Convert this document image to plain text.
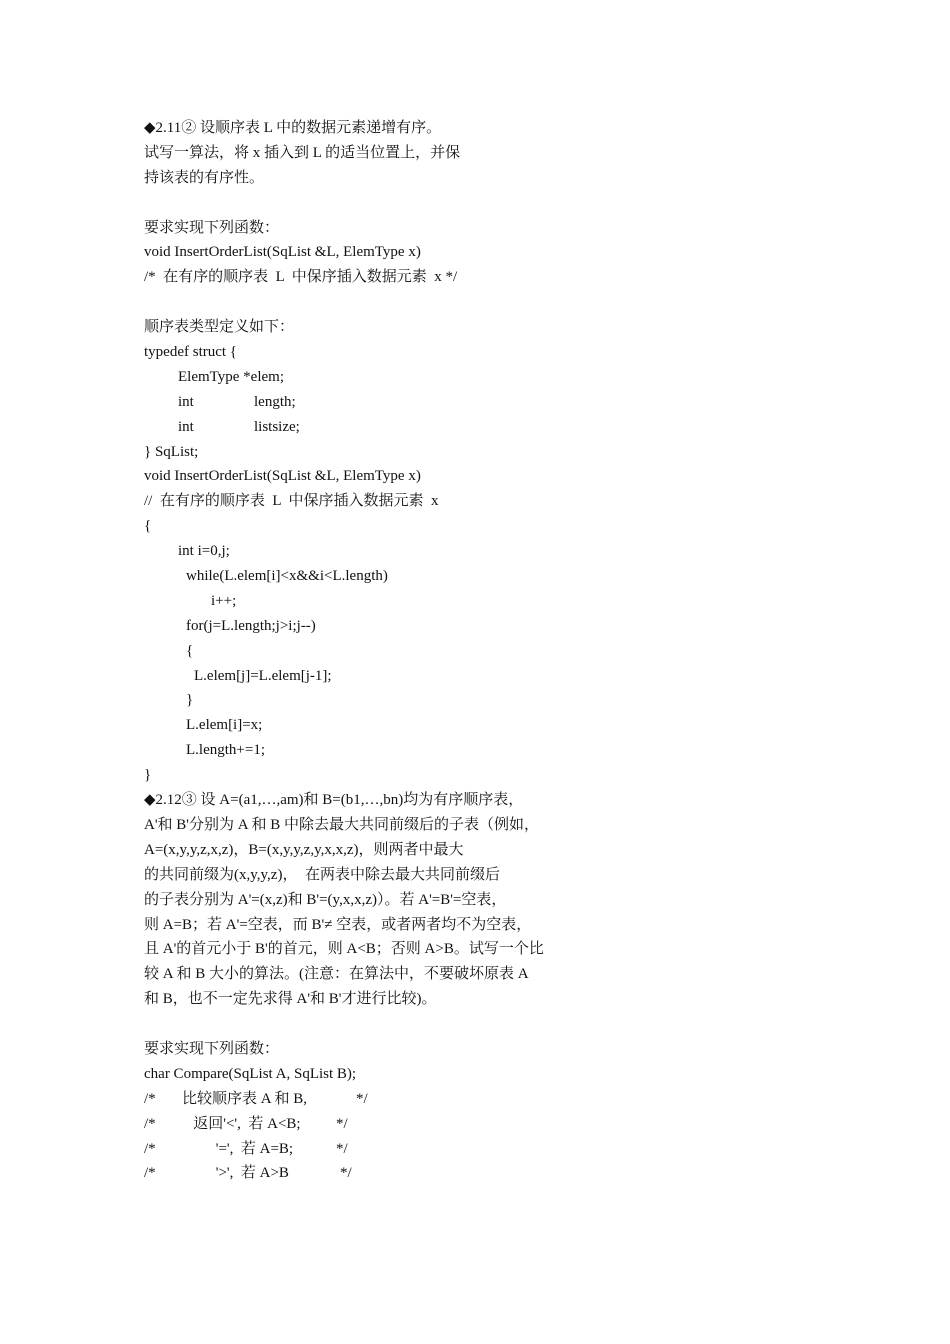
◆2.11② 设顺序表 L 中的数据元素递增有序。
试写一算法，将 x 插入到 L 的适当位置上，并保
持该表的有序性。
要求实现下列函数：
void InsertOrderList(SqList &L, ElemType x)
/*  在有序的顺序表  L  中保序插入数据元素  x */
顺序表类型定义如下：
typedef struct {
ElemType *elem;
int	length;
int	listsize;
} SqList;
void InsertOrderList(SqList &L, ElemType x)
//  在有序的顺序表  L  中保序插入数据元素  x
{
int i=0,j;
while(L.elem[i]<x&&i<L.length)
i++;
for(j=L.length;j>i;j--)
{
L.elem[j]=L.elem[j-1];
}
L.elem[i]=x;
L.length+=1;
}
◆2.12③ 设 A=(a1,…,am)和 B=(b1,…,bn)均为有序顺序表，
A'和 B'分别为 A 和 B 中除去最大共同前缀后的子表（例如，
A=(x,y,y,z,x,z)，B=(x,y,y,z,y,x,x,z)，则两者中最大
的共同前缀为(x,y,y,z)，  在两表中除去最大共同前缀后
的子表分别为 A'=(x,z)和 B'=(y,x,x,z)）。若 A'=B'=空表，
则 A=B；若 A'=空表，而 B'≠ 空表，或者两者均不为空表，
且 A'的首元小于 B'的首元，则 A<B；否则 A>B。试写一个比
较 A 和 B 大小的算法。(注意：在算法中，不要破坏原表 A
和 B，也不一定先求得 A'和 B'才进行比较)。
要求实现下列函数：
char Compare(SqList A, SqList B);
/* 比较顺序表 A 和 B,	*/
/*   返回'<',  若 A<B; */
/*         '=',  若 A=B;	*/
/*         '>',  若 A>B	*/
